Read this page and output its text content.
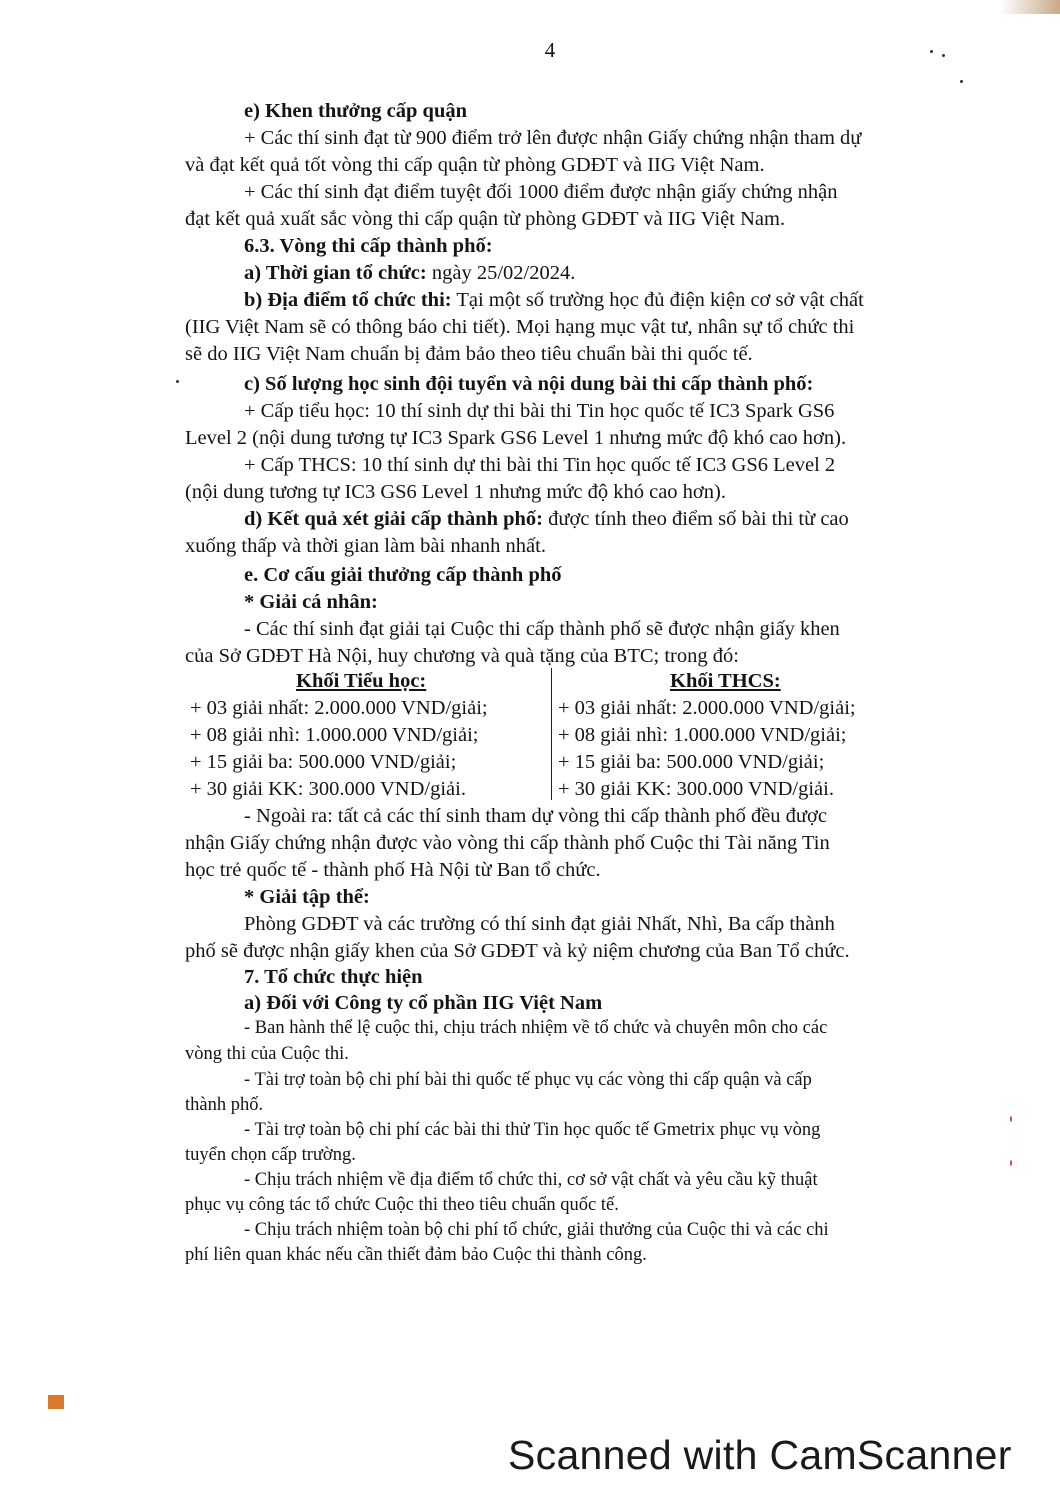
4
e) Khen thưởng cấp quận
+ Các thí sinh đạt từ 900 điểm trở lên được nhận Giấy chứng nhận tham dự
và đạt kết quả tốt vòng thi cấp quận từ phòng GDĐT và IIG Việt Nam.
+ Các thí sinh đạt điểm tuyệt đối 1000 điểm được nhận giấy chứng nhận
đạt kết quả xuất sắc vòng thi cấp quận từ phòng GDĐT và IIG Việt Nam.
6.3. Vòng thi cấp thành phố:
a) Thời gian tổ chức: ngày 25/02/2024.
b) Địa điểm tổ chức thi: Tại một số trường học đủ điện kiện cơ sở vật chất
(IIG Việt Nam sẽ có thông báo chi tiết). Mọi hạng mục vật tư, nhân sự tổ chức thi
sẽ do IIG Việt Nam chuẩn bị đảm bảo theo tiêu chuẩn bài thi quốc tế.
c) Số lượng học sinh đội tuyển và nội dung bài thi cấp thành phố:
+ Cấp tiểu học: 10 thí sinh dự thi bài thi Tin học quốc tế IC3 Spark GS6
Level 2 (nội dung tương tự IC3 Spark GS6 Level 1 nhưng mức độ khó cao hơn).
+ Cấp THCS: 10 thí sinh dự thi bài thi Tin học quốc tế IC3 GS6 Level 2
(nội dung tương tự IC3 GS6 Level 1 nhưng mức độ khó cao hơn).
d) Kết quả xét giải cấp thành phố: được tính theo điểm số bài thi từ cao
xuống thấp và thời gian làm bài nhanh nhất.
e. Cơ cấu giải thưởng cấp thành phố
* Giải cá nhân:
- Các thí sinh đạt giải tại Cuộc thi cấp thành phố sẽ được nhận giấy khen
của Sở GDĐT Hà Nội, huy chương và quà tặng của BTC; trong đó:
Khối Tiểu học:	Khối THCS:
+ 03 giải nhất: 2.000.000 VND/giải;
+ 08 giải nhì: 1.000.000 VND/giải;
+ 15 giải ba: 500.000 VND/giải;
+ 30 giải KK: 300.000 VND/giải.
+ 03 giải nhất: 2.000.000 VND/giải;
+ 08 giải nhì: 1.000.000 VND/giải;
+ 15 giải ba: 500.000 VND/giải;
+ 30 giải KK: 300.000 VND/giải.
- Ngoài ra: tất cả các thí sinh tham dự vòng thi cấp thành phố đều được
nhận Giấy chứng nhận được vào vòng thi cấp thành phố Cuộc thi Tài năng Tin
học trẻ quốc tế - thành phố Hà Nội từ Ban tổ chức.
* Giải tập thể:
Phòng GDĐT và các trường có thí sinh đạt giải Nhất, Nhì, Ba cấp thành
phố sẽ được nhận giấy khen của Sở GDĐT và kỷ niệm chương của Ban Tổ chức.
7. Tổ chức thực hiện
a) Đối với Công ty cổ phần IIG Việt Nam
- Ban hành thể lệ cuộc thi, chịu trách nhiệm về tổ chức và chuyên môn cho các
vòng thi của Cuộc thi.
- Tài trợ toàn bộ chi phí bài thi quốc tế phục vụ các vòng thi cấp quận và cấp
thành phố.
- Tài trợ toàn bộ chi phí các bài thi thử Tin học quốc tế Gmetrix phục vụ vòng
tuyển chọn cấp trường.
- Chịu trách nhiệm về địa điểm tổ chức thi, cơ sở vật chất và yêu cầu kỹ thuật
phục vụ công tác tổ chức Cuộc thi theo tiêu chuẩn quốc tế.
- Chịu trách nhiệm toàn bộ chi phí tổ chức, giải thưởng của Cuộc thi và các chi
phí liên quan khác nếu cần thiết đảm bảo Cuộc thi thành công.
Scanned with CamScanner
